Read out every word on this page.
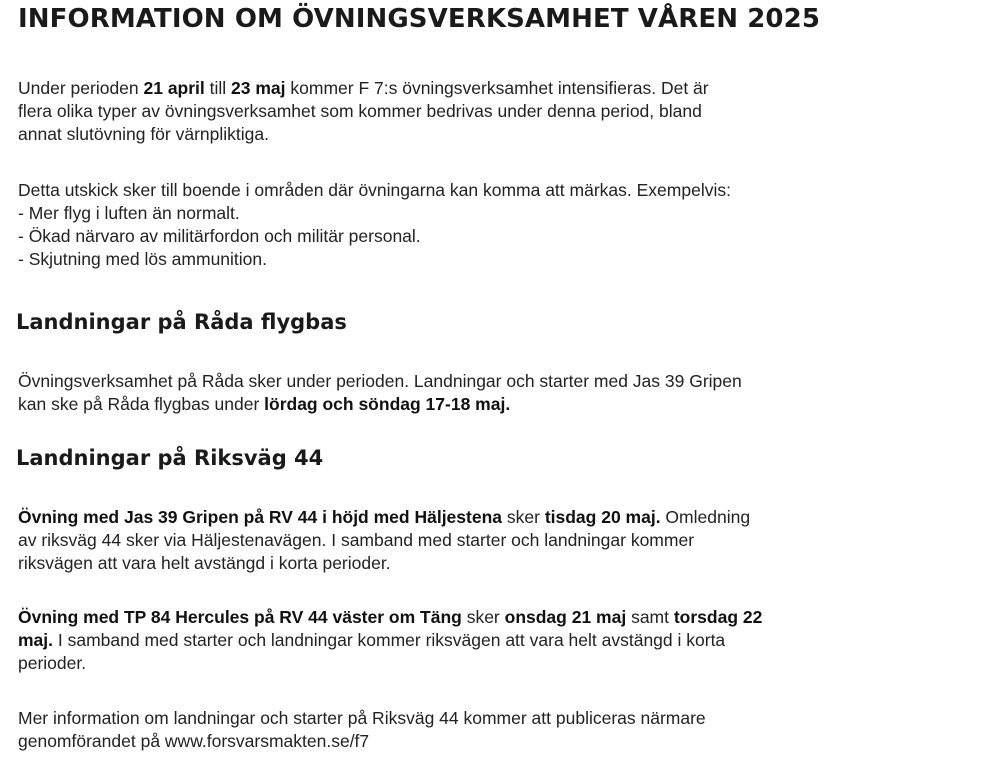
INFORMATION OM ÖVNINGSVERKSAMHET VÅREN 2025
Under perioden 21 april till 23 maj kommer F 7:s övningsverksamhet intensifieras. Det är
flera olika typer av övningsverksamhet som kommer bedrivas under denna period, bland
annat slutövning för värnpliktiga.
Detta utskick sker till boende i områden där övningarna kan komma att märkas. Exempelvis:
- Mer flyg i luften än normalt.
- Ökad närvaro av militärfordon och militär personal.
- Skjutning med lös ammunition.
Landningar på Råda flygbas
Övningsverksamhet på Råda sker under perioden. Landningar och starter med Jas 39 Gripen
kan ske på Råda flygbas under lördag och söndag 17-18 maj.
Landningar på Riksväg 44
Övning med Jas 39 Gripen på RV 44 i höjd med Häljestena sker tisdag 20 maj. Omledning
av riksväg 44 sker via Häljestenavägen. I samband med starter och landningar kommer
riksvägen att vara helt avstängd i korta perioder.
Övning med TP 84 Hercules på RV 44 väster om Täng sker onsdag 21 maj samt torsdag 22
maj. I samband med starter och landningar kommer riksvägen att vara helt avstängd i korta
perioder.
Mer information om landningar och starter på Riksväg 44 kommer att publiceras närmare
genomförandet på www.forsvarsmakten.se/f7
